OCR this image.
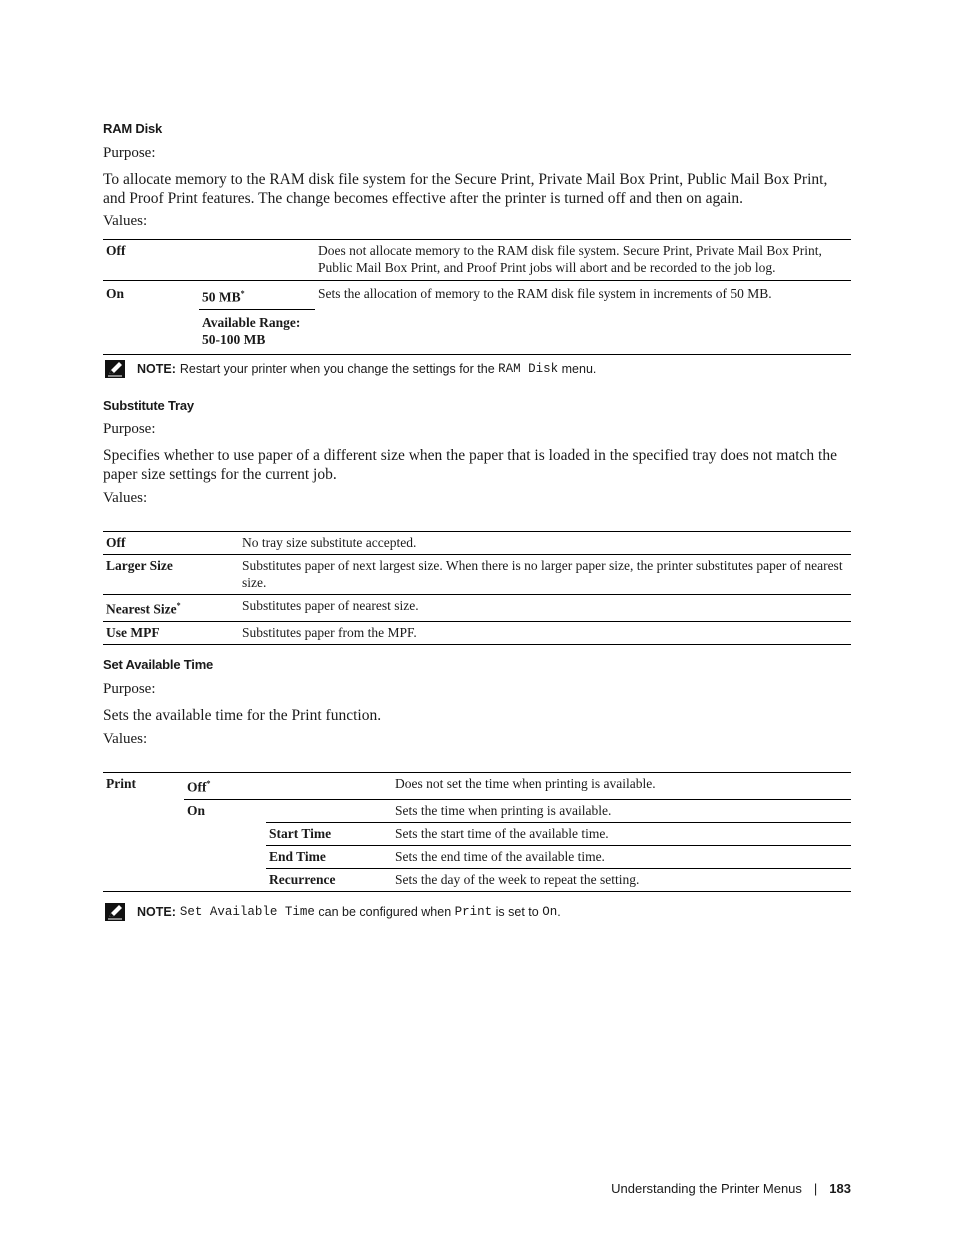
RAM Disk
Purpose:
To allocate memory to the RAM disk file system for the Secure Print, Private Mail Box Print, Public Mail Box Print, and Proof Print features. The change becomes effective after the printer is turned off and then on again.
Values:
Off		Does not allocate memory to the RAM disk file system. Secure Print, Private Mail Box Print, Public Mail Box Print, and Proof Print jobs will abort and be recorded to the job log.
On	50 MB*	Sets the allocation of memory to the RAM disk file system in increments of 50 MB.

	Available Range:
50-100 MB	

NOTE: Restart your printer when you change the settings for the
RAM Disk
menu.
Substitute Tray
Purpose:
Specifies whether to use paper of a different size when the paper that is loaded in the specified tray does not match the paper size settings for the current job.
Values:
Off	No tray size substitute accepted.
Larger Size	Substitutes paper of next largest size. When there is no larger paper size, the printer substitutes paper of nearest size.
Nearest Size*	Substitutes paper of nearest size.
Use MPF	Substitutes paper from the MPF.
Set Available Time
Purpose:
Sets the available time for the Print function.
Values:
Print	Off*		Does not set the time when printing is available.
	On		Sets the time when printing is available.
		Start Time	Sets the start time of the available time.
		End Time	Sets the end time of the available time.
		Recurrence	Sets the day of the week to repeat the setting.
NOTE: Set Available Time
can be configured when
Print
is set to
On .
Understanding the Printer Menus | 183
